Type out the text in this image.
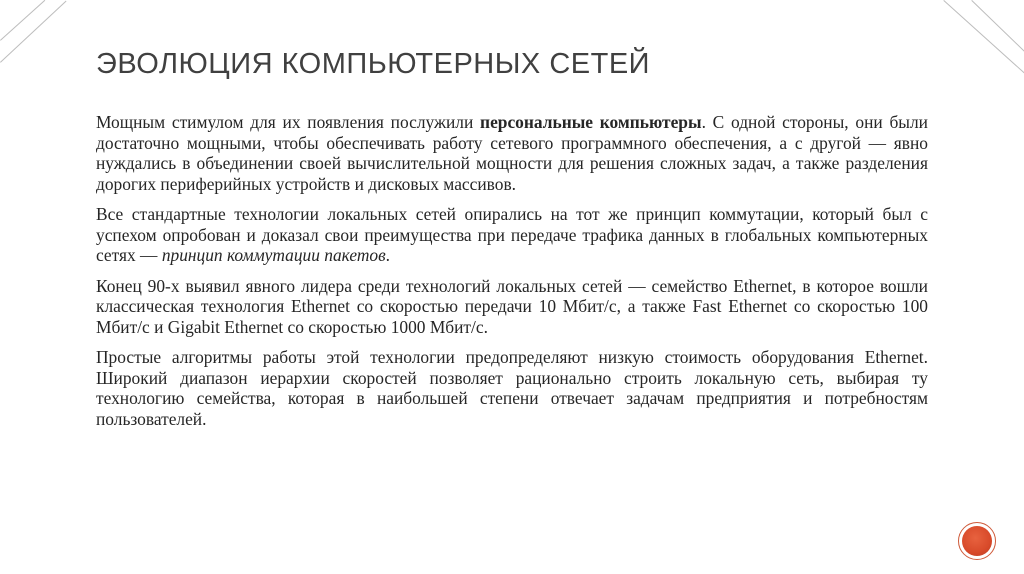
ЭВОЛЮЦИЯ КОМПЬЮТЕРНЫХ СЕТЕЙ

Мощным стимулом для их появления послужили персональные компьютеры. С одной стороны, они были достаточно мощными, чтобы обеспечивать работу сетевого программного обеспечения, а с другой — явно нуждались в объединении своей вычислительной мощности для решения сложных задач, а также разделения дорогих периферийных устройств и дисковых массивов.

Все стандартные технологии локальных сетей опирались на тот же принцип коммутации, который был с успехом опробован и доказал свои преимущества при передаче трафика данных в глобальных компьютерных сетях — принцип коммутации пакетов.

Конец 90-х выявил явного лидера среди технологий локальных сетей — семейство Ethernet, в которое вошли классическая технология Ethernet со скоростью передачи 10 Мбит/с, а также Fast Ethernet со скоростью 100 Мбит/с и Gigabit Ethernet со скоростью 1000 Мбит/с.

Простые алгоритмы работы этой технологии предопределяют низкую стоимость оборудования Ethernet. Широкий диапазон иерархии скоростей позволяет рационально строить локальную сеть, выбирая ту технологию семейства, которая в наибольшей степени отвечает задачам предприятия и потребностям пользователей.
